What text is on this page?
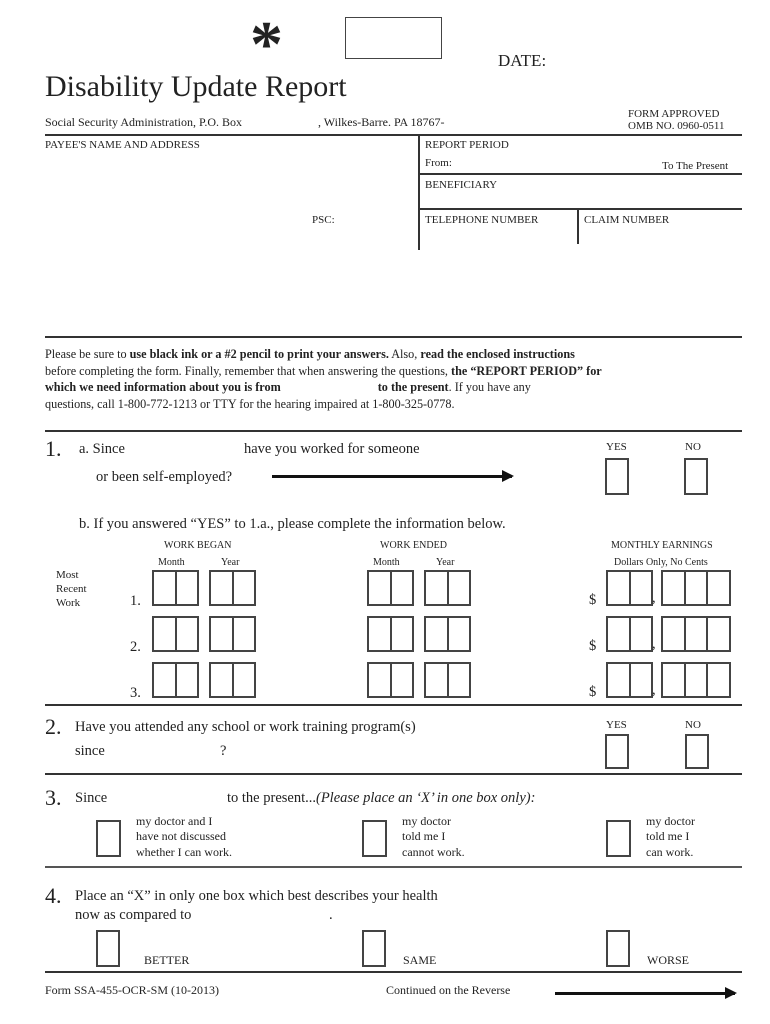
*	DATE:
Disability Update Report
Social Security Administration, P.O. Box	, Wilkes-Barre. PA 18767-
FORM APPROVED
OMB NO. 0960-0511
PAYEE'S NAME AND ADDRESS
PSC:
REPORT PERIOD
From:	To The Present
BENEFICIARY
TELEPHONE NUMBER	CLAIM NUMBER
Please be sure to use black ink or a #2 pencil to print your answers. Also, read the enclosed instructions
before completing the form. Finally, remember that when answering the questions, the “REPORT PERIOD” for
which we need information about you is from	to the present. If you have any
questions, call 1-800-772-1213 or TTY for the hearing impaired at 1-800-325-0778.
1. a. Since	have you worked for someone
or been self-employed?
YES	NO
b. If you answered “YES” to 1.a., please complete the information below.
WORK BEGAN	WORK ENDED	MONTHLY EARNINGS
Month	Year	Month	Year	Dollars Only, No Cents
Most
Recent
Work	1.	$	,
2.	$	,
3.	$	,
2. Have you attended any school or work training program(s)
since	?
YES	NO
3. Since	to the present...(Please place an ‘X’ in one box only):
my doctor and I
have not discussed
whether I can work.
my doctor
told me I
cannot work.
my doctor
told me I
can work.
4. Place an “X” in only one box which best describes your health
now as compared to	.
BETTER	SAME	WORSE
Form SSA-455-OCR-SM (10-2013)	Continued on the Reverse
